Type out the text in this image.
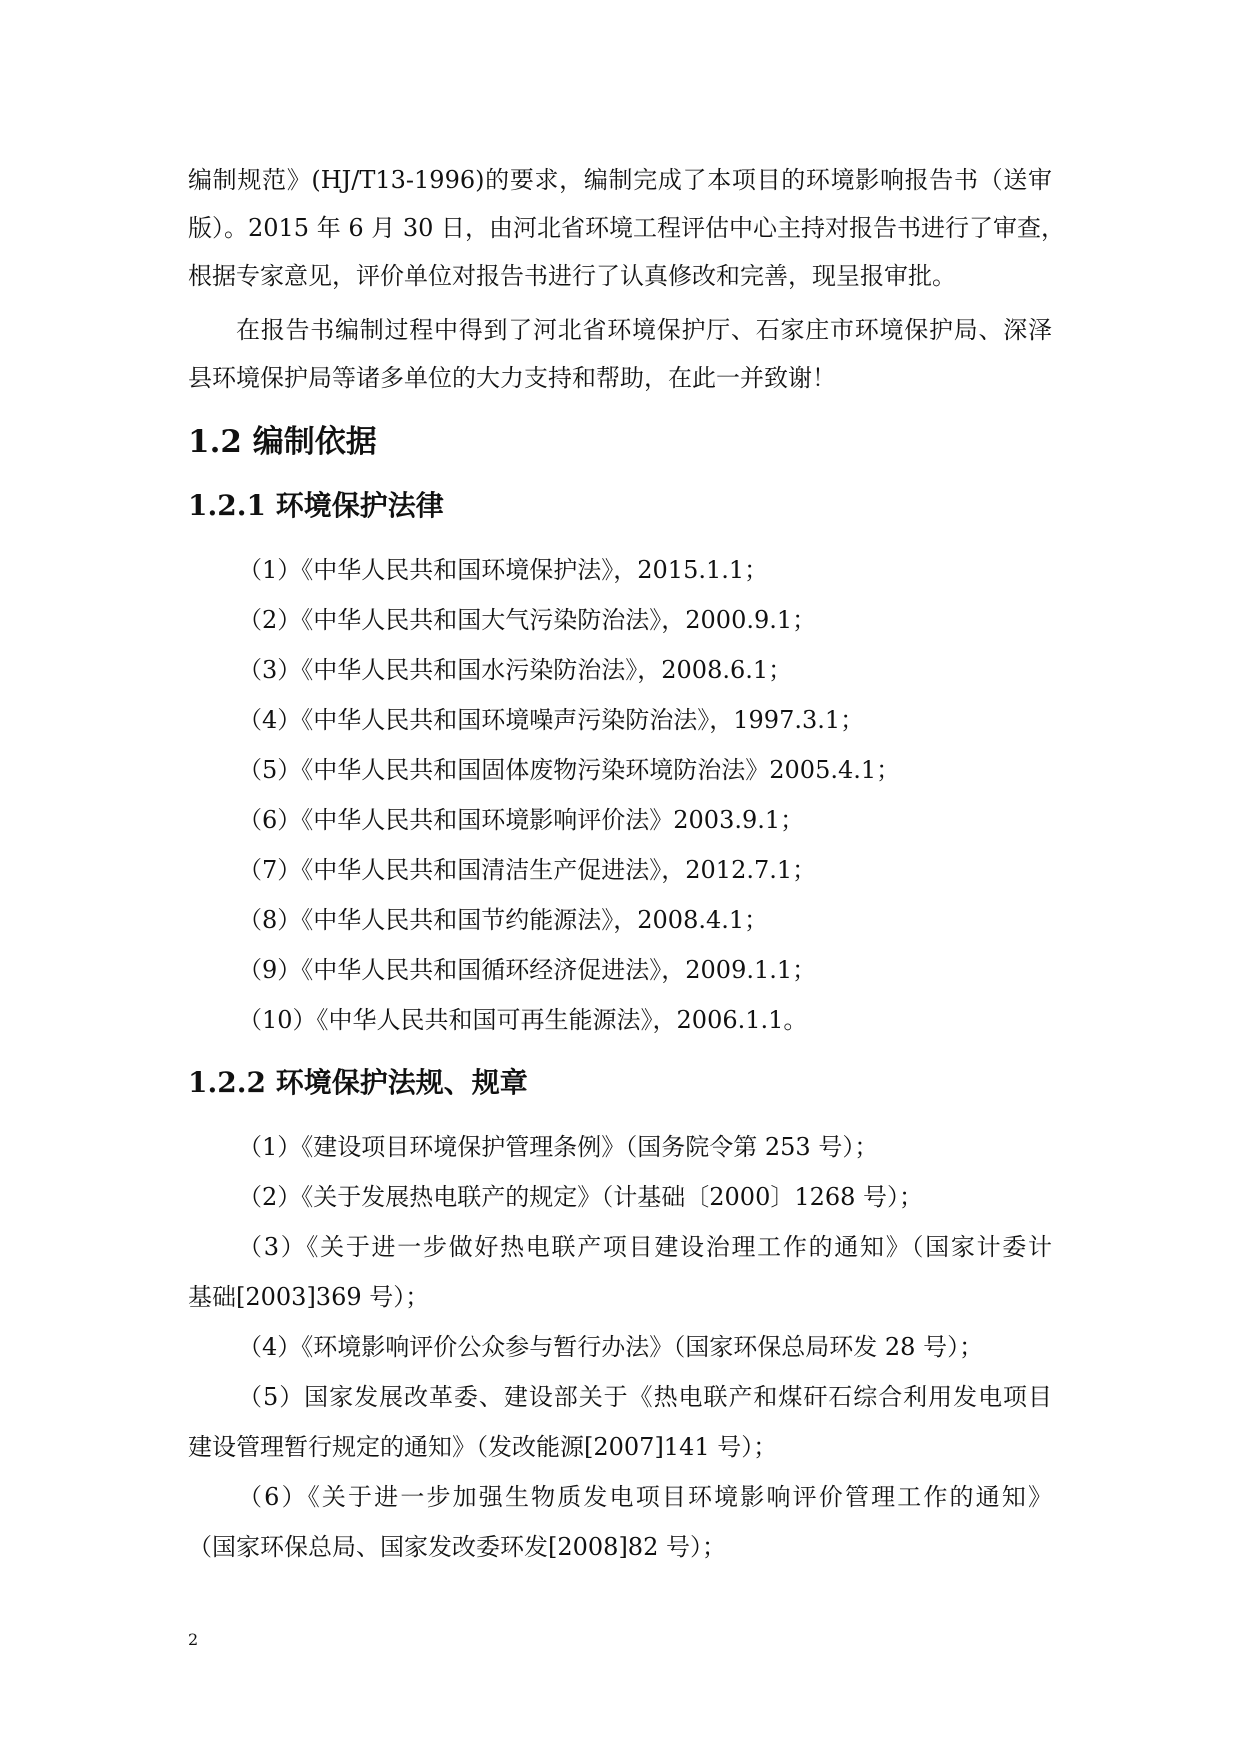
编制规范》(HJ/T13-1996)的要求，编制完成了本项目的环境影响报告书（送审
版）。2015 年 6 月 30 日，由河北省环境工程评估中心主持对报告书进行了审查，
根据专家意见，评价单位对报告书进行了认真修改和完善，现呈报审批。
在报告书编制过程中得到了河北省环境保护厅、石家庄市环境保护局、深泽
县环境保护局等诸多单位的大力支持和帮助，在此一并致谢！
1.2 编制依据
1.2.1 环境保护法律
（1）《中华人民共和国环境保护法》，2015.1.1；
（2）《中华人民共和国大气污染防治法》，2000.9.1；
（3）《中华人民共和国水污染防治法》，2008.6.1；
（4）《中华人民共和国环境噪声污染防治法》，1997.3.1；
（5）《中华人民共和国固体废物污染环境防治法》2005.4.1；
（6）《中华人民共和国环境影响评价法》2003.9.1；
（7）《中华人民共和国清洁生产促进法》，2012.7.1；
（8）《中华人民共和国节约能源法》，2008.4.1；
（9）《中华人民共和国循环经济促进法》，2009.1.1；
（10）《中华人民共和国可再生能源法》，2006.1.1。
1.2.2 环境保护法规、规章
（1）《建设项目环境保护管理条例》（国务院令第 253 号）；
（2）《关于发展热电联产的规定》（计基础〔2000〕1268 号）；
（3）《关于进一步做好热电联产项目建设治理工作的通知》（国家计委计
基础[2003]369 号）；
（4）《环境影响评价公众参与暂行办法》（国家环保总局环发 28 号）；
（5）国家发展改革委、建设部关于《热电联产和煤矸石综合利用发电项目
建设管理暂行规定的通知》（发改能源[2007]141 号）；
（6）《关于进一步加强生物质发电项目环境影响评价管理工作的通知》
（国家环保总局、国家发改委环发[2008]82 号）；
2
